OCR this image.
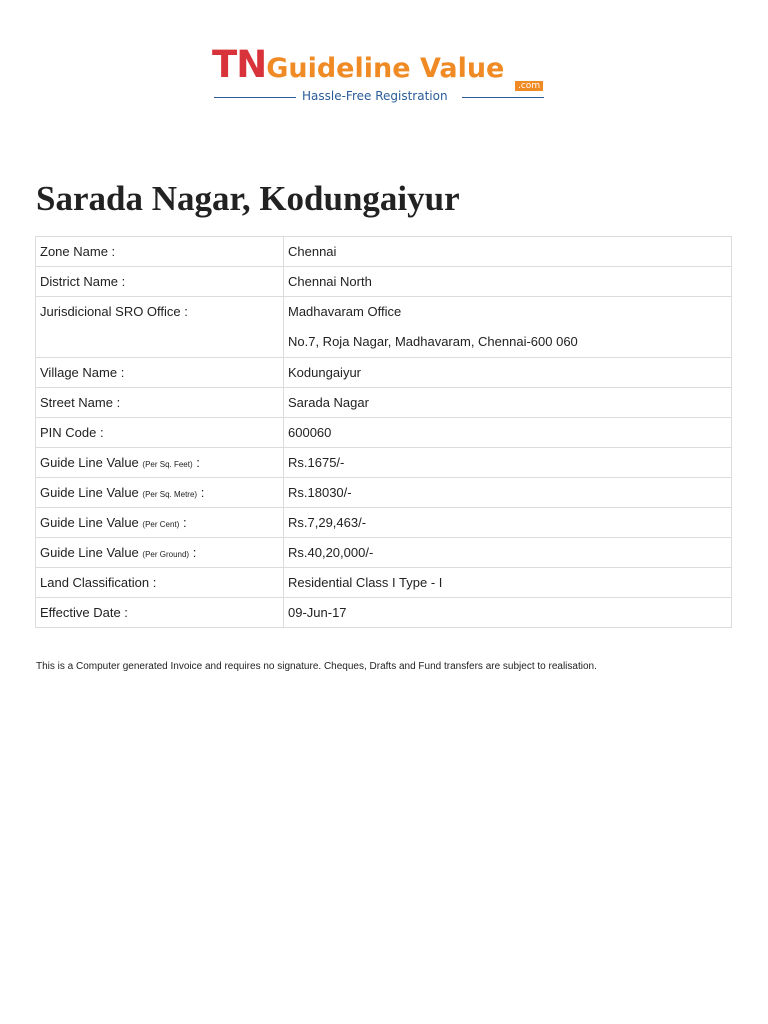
TNGuideline Value
.com
Hassle-Free Registration
Sarada Nagar, Kodungaiyur
Zone Name :	Chennai
District Name :	Chennai North
Jurisdicional SRO Office :	Madhavaram Office
No.7, Roja Nagar, Madhavaram, Chennai-600 060

Village Name :	Kodungaiyur
Street Name :	Sarada Nagar
PIN Code :	600060
Guide Line Value (Per Sq. Feet) :	Rs.1675/-
Guide Line Value (Per Sq. Metre) :	Rs.18030/-
Guide Line Value (Per Cent) :	Rs.7,29,463/-
Guide Line Value (Per Ground) :	Rs.40,20,000/-
Land Classification :	Residential Class I Type - I
Effective Date :	09-Jun-17
This is a Computer generated Invoice and requires no signature. Cheques, Drafts and Fund transfers are subject to realisation.
